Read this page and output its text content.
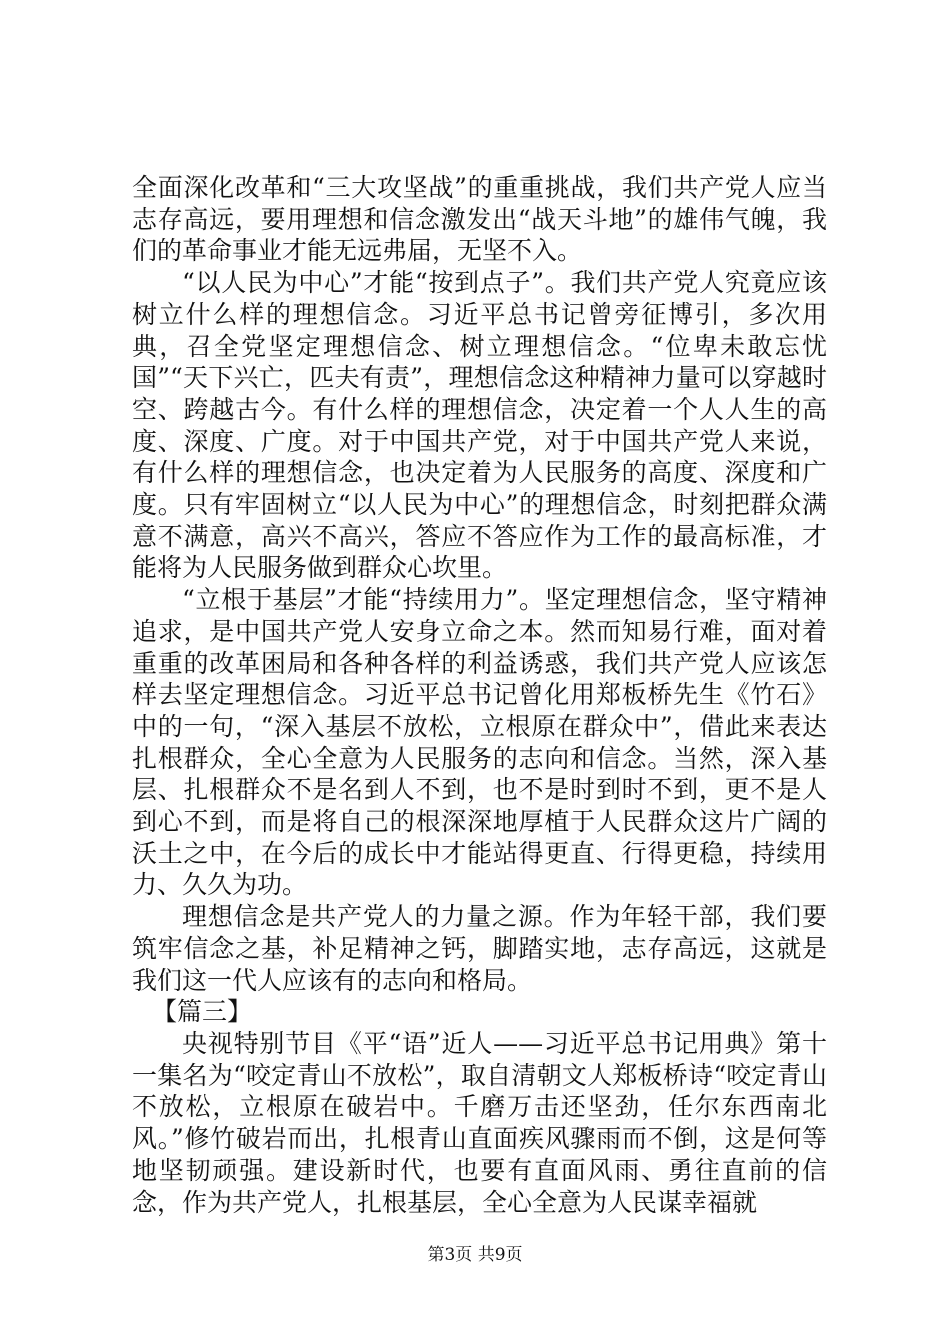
全面深化改革和“三大攻坚战”的重重挑战，我们共产党人应当志存高远，要用理想和信念激发出“战天斗地”的雄伟气魄，我们的革命事业才能无远弗届，无坚不入。

“以人民为中心”才能“按到点子”。我们共产党人究竟应该树立什么样的理想信念。习近平总书记曾旁征博引，多次用典，召全党坚定理想信念、树立理想信念。“位卑未敢忘忧国”“天下兴亡，匹夫有责”，理想信念这种精神力量可以穿越时空、跨越古今。有什么样的理想信念，决定着一个人人生的高度、深度、广度。对于中国共产党，对于中国共产党人来说，有什么样的理想信念，也决定着为人民服务的高度、深度和广度。只有牢固树立“以人民为中心”的理想信念，时刻把群众满意不满意，高兴不高兴，答应不答应作为工作的最高标准，才能将为人民服务做到群众心坎里。

“立根于基层”才能“持续用力”。坚定理想信念，坚守精神追求，是中国共产党人安身立命之本。然而知易行难，面对着重重的改革困局和各种各样的利益诱惑，我们共产党人应该怎样去坚定理想信念。习近平总书记曾化用郑板桥先生《竹石》中的一句，“深入基层不放松，立根原在群众中”，借此来表达扎根群众，全心全意为人民服务的志向和信念。当然，深入基层、扎根群众不是名到人不到，也不是时到时不到，更不是人到心不到，而是将自己的根深深地厚植于人民群众这片广阔的沃土之中，在今后的成长中才能站得更直、行得更稳，持续用力、久久为功。

理想信念是共产党人的力量之源。作为年轻干部，我们要筑牢信念之基，补足精神之钙，脚踏实地，志存高远，这就是我们这一代人应该有的志向和格局。

【篇三】

央视特别节目《平“语”近人——习近平总书记用典》第十一集名为“咬定青山不放松”，取自清朝文人郑板桥诗“咬定青山不放松，立根原在破岩中。千磨万击还坚劲，任尔东西南北风。”修竹破岩而出，扎根青山直面疾风骤雨而不倒，这是何等地坚韧顽强。建设新时代，也要有直面风雨、勇往直前的信念，作为共产党人，扎根基层，全心全意为人民谋幸福就

第3页 共9页
